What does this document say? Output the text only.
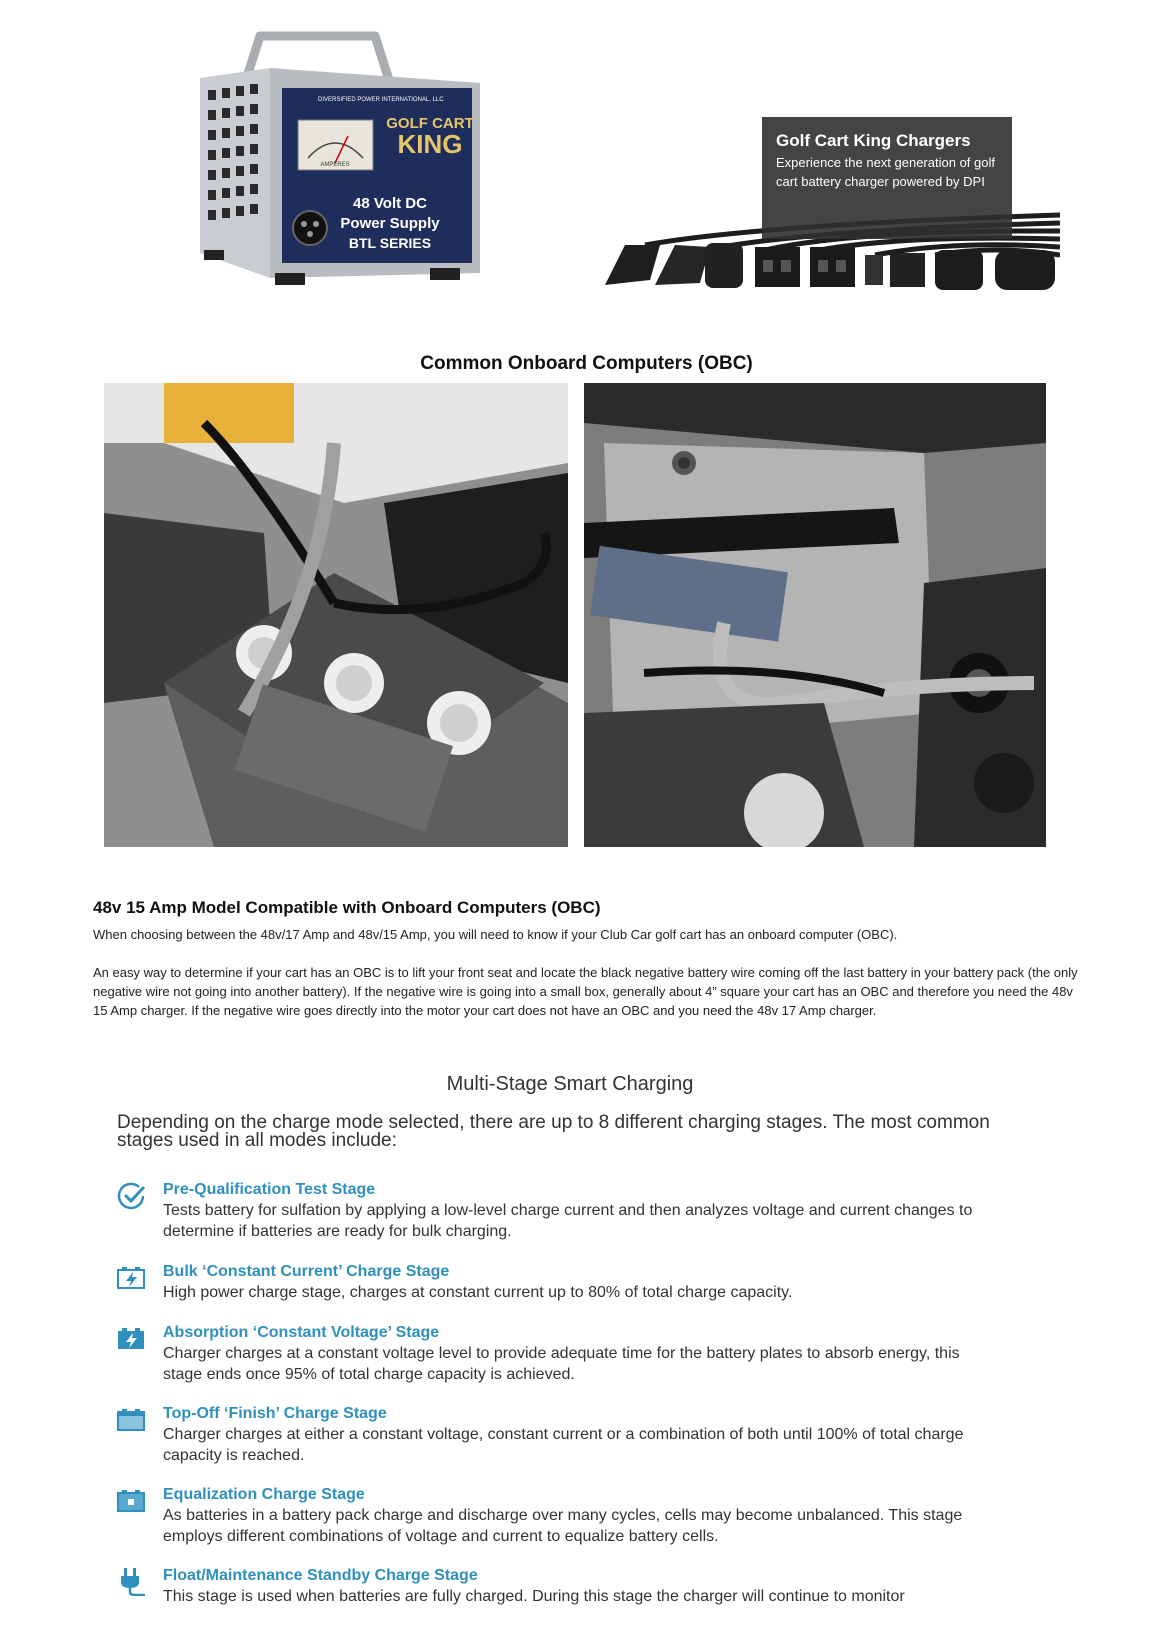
AMPERES
DIVERSIFIED POWER INTERNATIONAL, LLC
GOLF CART
KING
48 Volt DC
Power Supply
BTL SERIES
Golf Cart King Chargers
Experience the next generation of golf cart battery charger powered by DPI
Common Onboard Computers (OBC)
48v 15 Amp Model Compatible with Onboard Computers (OBC)
When choosing between the 48v/17 Amp and 48v/15 Amp, you will need to know if your Club Car golf cart has an onboard computer (OBC).
An easy way to determine if your cart has an OBC is to lift your front seat and locate the black negative battery wire coming off the last battery in your battery pack (the only negative wire not going into another battery). If the negative wire is going into a small box, generally about 4” square your cart has an OBC and therefore you need the 48v 15 Amp charger. If the negative wire goes directly into the motor your cart does not have an OBC and you need the 48v 17 Amp charger.
Multi-Stage Smart Charging
Depending on the charge mode selected, there are up to 8 different charging stages. The most common stages used in all modes include:
Pre-Qualification Test Stage
Tests battery for sulfation by applying a low-level charge current and then analyzes voltage and current changes to determine if batteries are ready for bulk charging.
Bulk ‘Constant Current’ Charge Stage
High power charge stage, charges at constant current up to 80% of total charge capacity.
Absorption ‘Constant Voltage’ Stage
Charger charges at a constant voltage level to provide adequate time for the battery plates to absorb energy, this stage ends once 95% of total charge capacity is achieved.
Top-Off ‘Finish’ Charge Stage
Charger charges at either a constant voltage, constant current or a combination of both until 100% of total charge capacity is reached.
Equalization Charge Stage
As batteries in a battery pack charge and discharge over many cycles, cells may become unbalanced. This stage employs different combinations of voltage and current to equalize battery cells.
Float/Maintenance Standby Charge Stage
This stage is used when batteries are fully charged. During this stage the charger will continue to monitor
